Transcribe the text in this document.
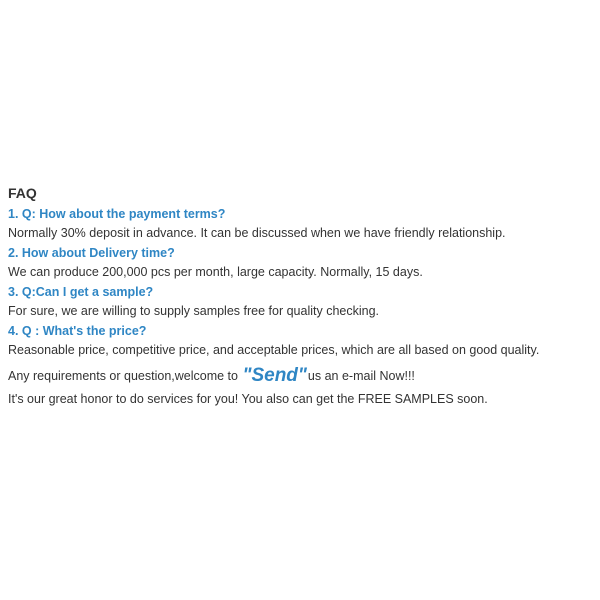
FAQ
1. Q: How about the payment terms?
Normally 30% deposit in advance. It can be discussed when we have friendly relationship.
2. How about Delivery time?
We can produce 200,000 pcs per month, large capacity. Normally, 15 days.
3. Q:Can I get a sample?
For sure, we are willing to supply samples free for quality checking.
4. Q : What's the price?
Reasonable price, competitive price, and acceptable prices, which are all based on good quality.
Any requirements or question,welcome to "Send"us an e-mail Now!!!
It's our great honor to do services for you! You also can get the FREE SAMPLES soon.
